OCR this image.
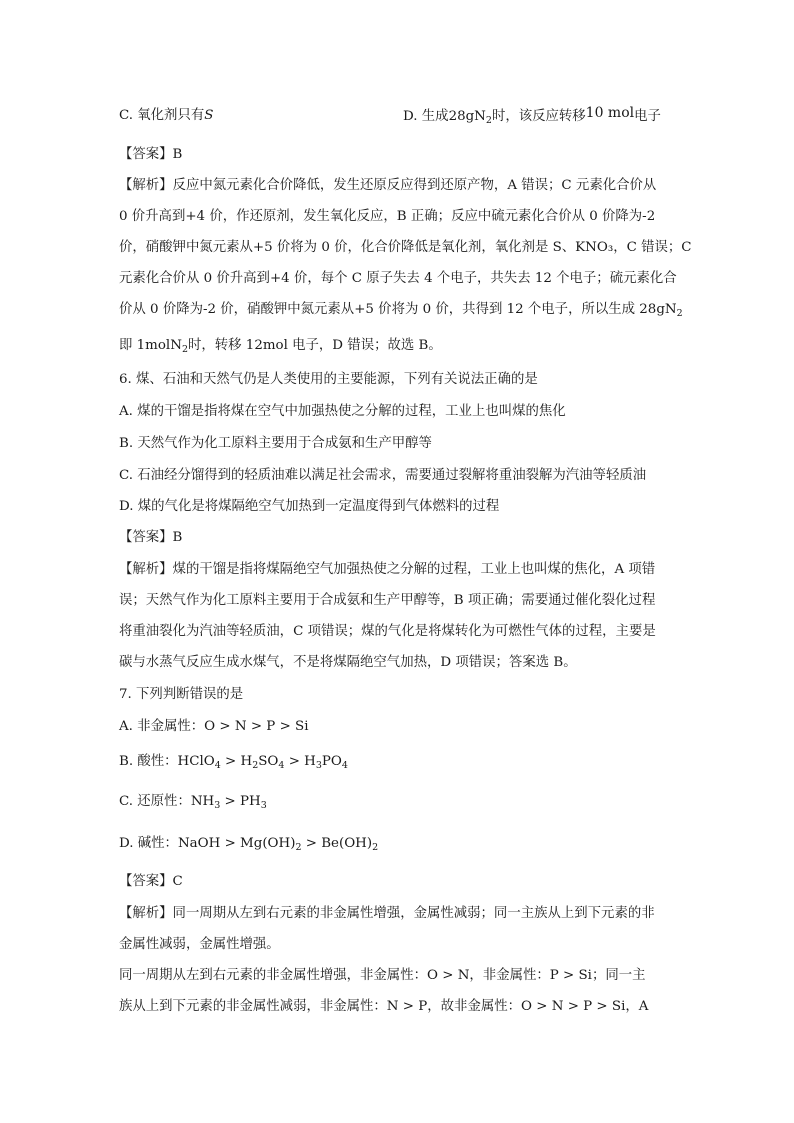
C. 氧化剂只有S	D. 生成$28gN_2$时，该反应转移10 mol电子
【答案】B
【解析】反应中氮元素化合价降低，发生还原反应得到还原产物，A 错误；C 元素化合价从
0 价升高到+4 价，作还原剂，发生氧化反应，B 正确；反应中硫元素化合价从 0 价降为-2
价，硝酸钾中氮元素从+5 价将为 0 价，化合价降低是氧化剂，氧化剂是 S、KNO₃，C 错误；C
元素化合价从 0 价升高到+4 价，每个 C 原子失去 4 个电子，共失去 12 个电子；硫元素化合
价从 0 价降为-2 价，硝酸钾中氮元素从+5 价将为 0 价，共得到 12 个电子，所以生成 $28gN_2$
即 1molN$_2$时，转移 12mol 电子，D 错误；故选 B。
6. 煤、石油和天然气仍是人类使用的主要能源，下列有关说法正确的是
A. 煤的干馏是指将煤在空气中加强热使之分解的过程，工业上也叫煤的焦化
B. 天然气作为化工原料主要用于合成氨和生产甲醇等
C. 石油经分馏得到的轻质油难以满足社会需求，需要通过裂解将重油裂解为汽油等轻质油
D. 煤的气化是将煤隔绝空气加热到一定温度得到气体燃料的过程
【答案】B
【解析】煤的干馏是指将煤隔绝空气加强热使之分解的过程，工业上也叫煤的焦化，A 项错
误；天然气作为化工原料主要用于合成氨和生产甲醇等，B 项正确；需要通过催化裂化过程
将重油裂化为汽油等轻质油，C 项错误；煤的气化是将煤转化为可燃性气体的过程，主要是
碳与水蒸气反应生成水煤气，不是将煤隔绝空气加热，D 项错误；答案选 B。
7. 下列判断错误的是
A. 非金属性：O > N > P > Si
B. 酸性：HClO$_4$ > $H_2SO_4 > H_3PO_4$
C. 还原性：$NH_3 > PH_3$
D. 碱性：NaOH > $Mg(OH)_2 > Be(OH)_2$
【答案】C
【解析】同一周期从左到右元素的非金属性增强，金属性减弱；同一主族从上到下元素的非
金属性减弱，金属性增强。
同一周期从左到右元素的非金属性增强，非金属性：O > N，非金属性：P > Si；同一主
族从上到下元素的非金属性减弱，非金属性：N > P，故非金属性：O > N > P > Si，A
